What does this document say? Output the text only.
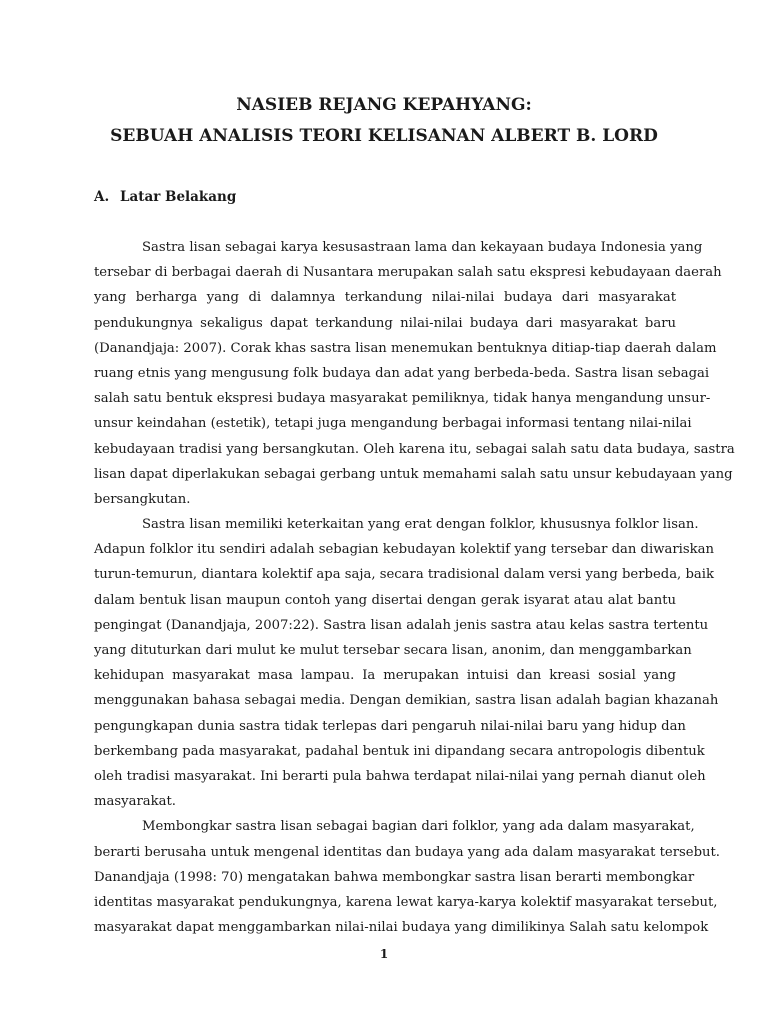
NASIEB REJANG KEPAHYANG:
SEBUAH ANALISIS TEORI KELISANAN ALBERT B. LORD
A. Latar Belakang
Sastra lisan sebagai karya kesusastraan lama dan kekayaan budaya Indonesia yang
tersebar di berbagai daerah di Nusantara merupakan salah satu ekspresi kebudayaan daerah
yang berharga yang di dalamnya terkandung nilai-nilai budaya dari masyarakat
pendukungnya sekaligus dapat terkandung nilai-nilai budaya dari masyarakat baru
(Danandjaja: 2007). Corak khas sastra lisan menemukan bentuknya ditiap-tiap daerah dalam
ruang etnis yang mengusung folk budaya dan adat yang berbeda-beda. Sastra lisan sebagai
salah satu bentuk ekspresi budaya masyarakat pemiliknya, tidak hanya mengandung unsur-
unsur keindahan (estetik), tetapi juga mengandung berbagai informasi tentang nilai-nilai
kebudayaan tradisi yang bersangkutan. Oleh karena itu, sebagai salah satu data budaya, sastra
lisan dapat diperlakukan sebagai gerbang untuk memahami salah satu unsur kebudayaan yang
bersangkutan.
Sastra lisan memiliki keterkaitan yang erat dengan folklor, khususnya folklor lisan.
Adapun folklor itu sendiri adalah sebagian kebudayan kolektif yang tersebar dan diwariskan
turun-temurun, diantara kolektif apa saja, secara tradisional dalam versi yang berbeda, baik
dalam bentuk lisan maupun contoh yang disertai dengan gerak isyarat atau alat bantu
pengingat (Danandjaja, 2007:22). Sastra lisan adalah jenis sastra atau kelas sastra tertentu
yang dituturkan dari mulut ke mulut tersebar secara lisan, anonim, dan menggambarkan
kehidupan masyarakat masa lampau. Ia merupakan intuisi dan kreasi sosial yang
menggunakan bahasa sebagai media. Dengan demikian, sastra lisan adalah bagian khazanah
pengungkapan dunia sastra tidak terlepas dari pengaruh nilai-nilai baru yang hidup dan
berkembang pada masyarakat, padahal bentuk ini dipandang secara antropologis dibentuk
oleh tradisi masyarakat. Ini berarti pula bahwa terdapat nilai-nilai yang pernah dianut oleh
masyarakat.
Membongkar sastra lisan sebagai bagian dari folklor, yang ada dalam masyarakat,
berarti berusaha untuk mengenal identitas dan budaya yang ada dalam masyarakat tersebut.
Danandjaja (1998: 70) mengatakan bahwa membongkar sastra lisan berarti membongkar
identitas masyarakat pendukungnya, karena lewat karya-karya kolektif masyarakat tersebut,
masyarakat dapat menggambarkan nilai-nilai budaya yang dimilikinya Salah satu kelompok
1
